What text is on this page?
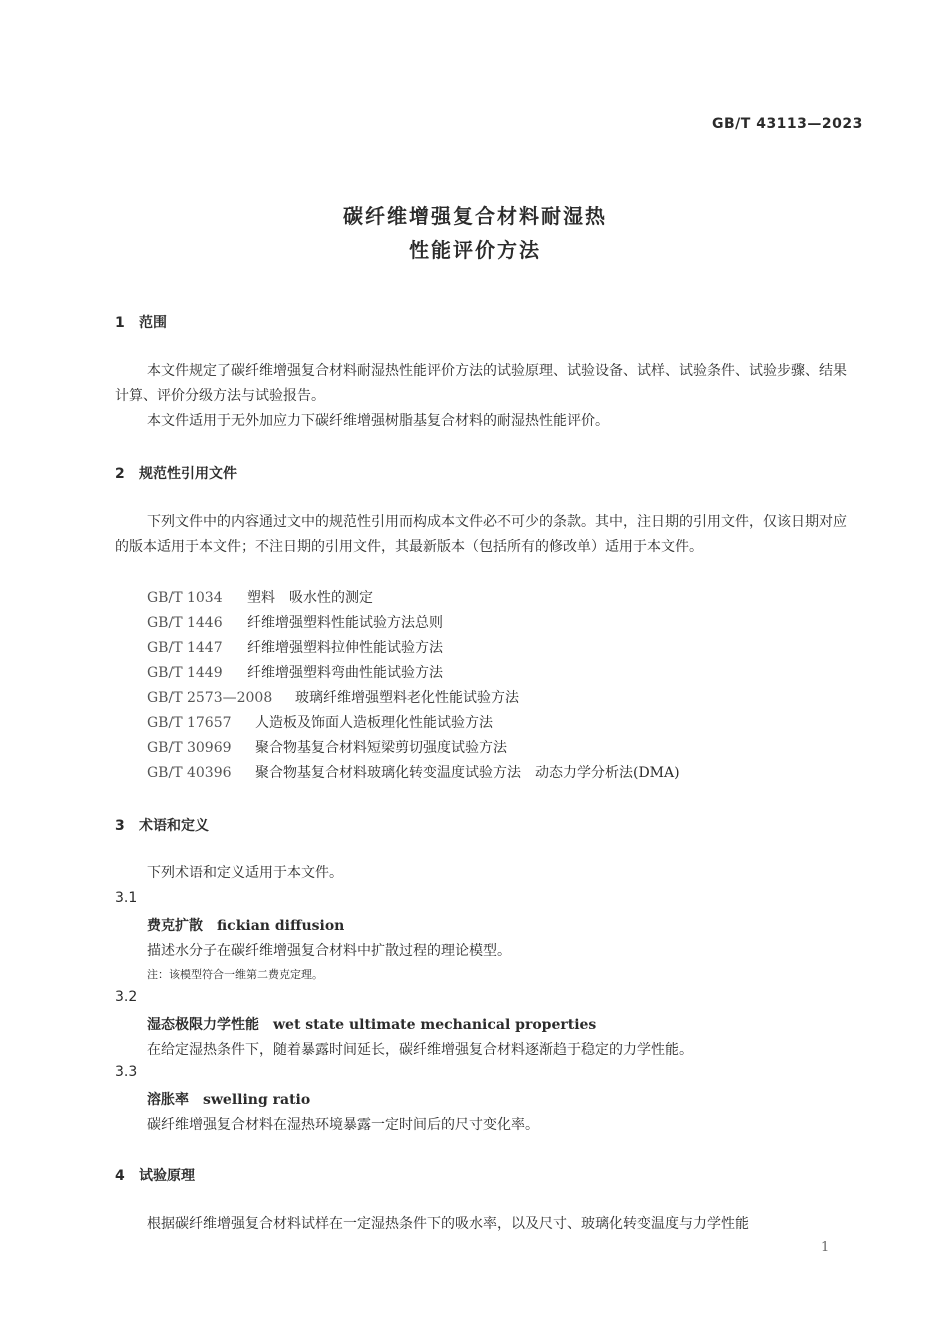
GB/T 43113—2023
碳纤维增强复合材料耐湿热
性能评价方法
1 范围
本文件规定了碳纤维增强复合材料耐湿热性能评价方法的试验原理、试验设备、试样、试验条件、试验步骤、结果计算、评价分级方法与试验报告。
本文件适用于无外加应力下碳纤维增强树脂基复合材料的耐湿热性能评价。
2 规范性引用文件
下列文件中的内容通过文中的规范性引用而构成本文件必不可少的条款。其中，注日期的引用文件，仅该日期对应的版本适用于本文件；不注日期的引用文件，其最新版本（包括所有的修改单）适用于本文件。
GB/T 1034 塑料　吸水性的测定
GB/T 1446 纤维增强塑料性能试验方法总则
GB/T 1447 纤维增强塑料拉伸性能试验方法
GB/T 1449 纤维增强塑料弯曲性能试验方法
GB/T 2573—2008 玻璃纤维增强塑料老化性能试验方法
GB/T 17657 人造板及饰面人造板理化性能试验方法
GB/T 30969 聚合物基复合材料短梁剪切强度试验方法
GB/T 40396 聚合物基复合材料玻璃化转变温度试验方法　动态力学分析法(DMA)
3 术语和定义
下列术语和定义适用于本文件。
3.1
费克扩散 fickian diffusion
描述水分子在碳纤维增强复合材料中扩散过程的理论模型。
注：该模型符合一维第二费克定理。
3.2
湿态极限力学性能 wet state ultimate mechanical properties
在给定湿热条件下，随着暴露时间延长，碳纤维增强复合材料逐渐趋于稳定的力学性能。
3.3
溶胀率 swelling ratio
碳纤维增强复合材料在湿热环境暴露一定时间后的尺寸变化率。
4 试验原理
根据碳纤维增强复合材料试样在一定湿热条件下的吸水率，以及尺寸、玻璃化转变温度与力学性能
1
